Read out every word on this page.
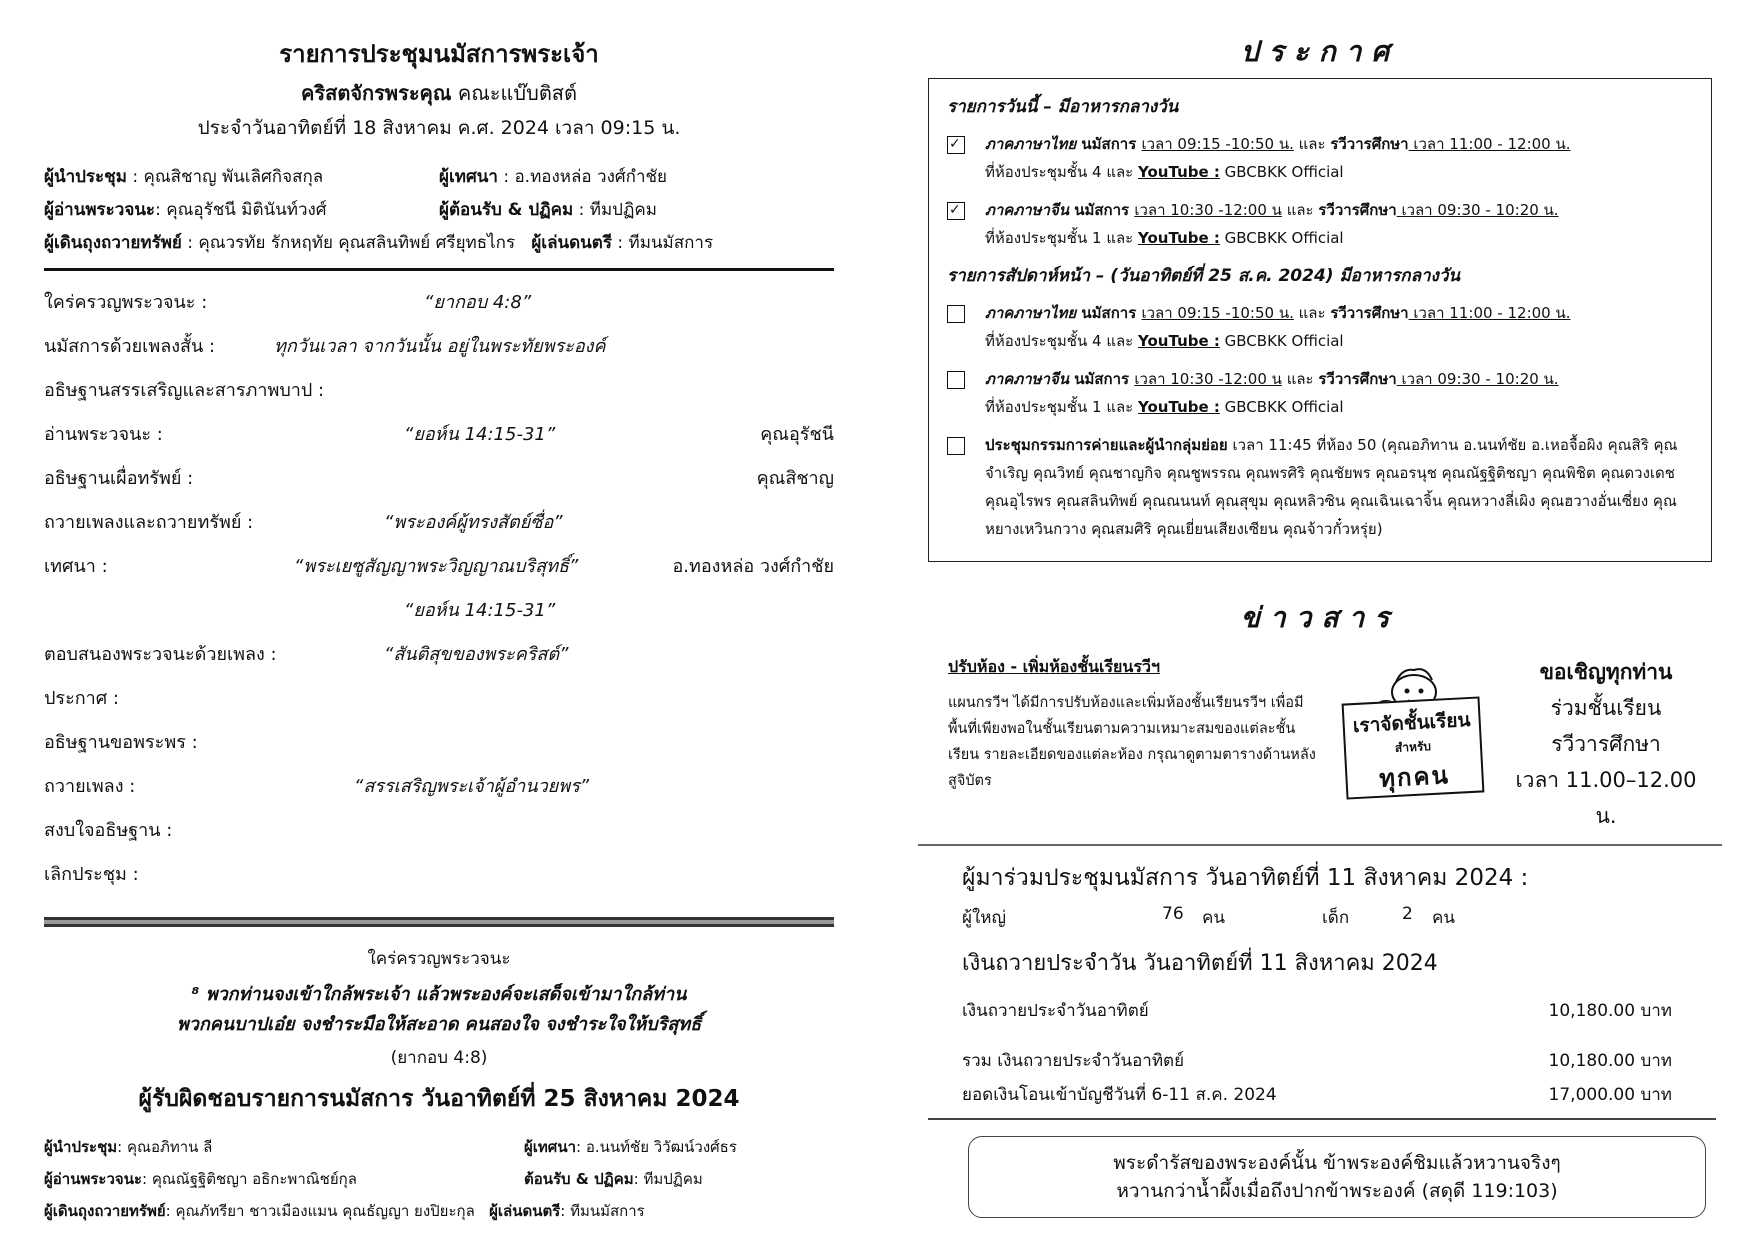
รายการประชุมนมัสการพระเจ้า
คริสตจักรพระคุณ คณะแบ๊บติสต์
ประจำวันอาทิตย์ที่ 18 สิงหาคม ค.ศ. 2024 เวลา 09:15 น.
ผู้นำประชุม : คุณสิชาญ พันเลิศกิจสกุล	ผู้เทศนา : อ.ทองหล่อ วงศ์กำชัย
ผู้อ่านพระวจนะ: คุณอุรัชนี มิตินันท์วงศ์	ผู้ต้อนรับ & ปฏิคม : ทีมปฏิคม
ผู้เดินถุงถวายทรัพย์ : คุณวรทัย รักหฤทัย คุณสลินทิพย์ ศรียุทธไกร ผู้เล่นดนตรี : ทีมนมัสการ
ใคร่ครวญพระวจนะ :	“ยากอบ 4:8”
นมัสการด้วยเพลงสั้น :	ทุกวันเวลา จากวันนั้น อยู่ในพระทัยพระองค์
อธิษฐานสรรเสริญและสารภาพบาป :
อ่านพระวจนะ :	“ยอห์น 14:15-31”	คุณอุรัชนี
อธิษฐานเผื่อทรัพย์ :	คุณสิชาญ
ถวายเพลงและถวายทรัพย์ :	“พระองค์ผู้ทรงสัตย์ซื่อ”
เทศนา :	“พระเยซูสัญญาพระวิญญาณบริสุทธิ์”	อ.ทองหล่อ วงศ์กำชัย
“ยอห์น 14:15-31”
ตอบสนองพระวจนะด้วยเพลง :	“สันติสุขของพระคริสต์”
ประกาศ :
อธิษฐานขอพระพร :
ถวายเพลง :	“สรรเสริญพระเจ้าผู้อำนวยพร”
สงบใจอธิษฐาน :
เลิกประชุม :
ใคร่ครวญพระวจนะ
⁸ พวกท่านจงเข้าใกล้พระเจ้า แล้วพระองค์จะเสด็จเข้ามาใกล้ท่าน
พวกคนบาปเอ๋ย จงชำระมือให้สะอาด คนสองใจ จงชำระใจให้บริสุทธิ์
(ยากอบ 4:8)
ผู้รับผิดชอบรายการนมัสการ วันอาทิตย์ที่ 25 สิงหาคม 2024
ผู้นำประชุม: คุณอภิทาน ลี	ผู้เทศนา: อ.นนท์ชัย วิวัฒน์วงศ์ธร
ผู้อ่านพระวจนะ: คุณณัฐฐิติชญา อธิกะพาณิชย์กุล	ต้อนรับ & ปฏิคม: ทีมปฏิคม
ผู้เดินถุงถวายทรัพย์: คุณภัทรียา ชาวเมืองแมน คุณธัญญา ยงปิยะกุล ผู้เล่นดนตรี: ทีมนมัสการ
ประกาศ
รายการวันนี้ – มีอาหารกลางวัน
✓
ภาคภาษาไทย นมัสการ เวลา 09:15 -10:50 น. และ รวีวารศึกษา เวลา 11:00 - 12:00 น.
ที่ห้องประชุมชั้น 4 และ YouTube : GBCBKK Official
✓
ภาคภาษาจีน นมัสการ เวลา 10:30 -12:00 น และ รวีวารศึกษา เวลา 09:30 - 10:20 น.
ที่ห้องประชุมชั้น 1 และ YouTube : GBCBKK Official
รายการสัปดาห์หน้า – (วันอาทิตย์ที่ 25 ส.ค. 2024) มีอาหารกลางวัน
ภาคภาษาไทย นมัสการ เวลา 09:15 -10:50 น. และ รวีวารศึกษา เวลา 11:00 - 12:00 น.
ที่ห้องประชุมชั้น 4 และ YouTube : GBCBKK Official
ภาคภาษาจีน นมัสการ เวลา 10:30 -12:00 น และ รวีวารศึกษา เวลา 09:30 - 10:20 น.
ที่ห้องประชุมชั้น 1 และ YouTube : GBCBKK Official
ประชุมกรรมการค่ายและผู้นำกลุ่มย่อย เวลา 11:45 ที่ห้อง 50 (คุณอภิทาน อ.นนท์ชัย อ.เหอจื้อผิง คุณสิริ คุณจำเริญ คุณวิทย์ คุณชาญกิจ คุณชูพรรณ คุณพรศิริ คุณชัยพร คุณอรนุช คุณณัฐฐิติชญา คุณพิชิต คุณดวงเดช คุณอุไรพร คุณสลินทิพย์ คุณณนนท์ คุณสุขุม คุณหลิวซิน คุณเฉินเฉาจิ้น คุณหวางลี่เผิง คุณฮวางอั่นเซี่ยง คุณหยางเหวินกวาง คุณสมศิริ คุณเยี่ยนเสียงเซียน คุณจ้าวกั๋วหรุ่ย)
ข่าวสาร
ปรับห้อง - เพิ่มห้องชั้นเรียนรวีฯ
แผนกรวีฯ ได้มีการปรับห้องและเพิ่มห้องชั้นเรียนรวีฯ เพื่อมีพื้นที่เพียงพอในชั้นเรียนตามความเหมาะสมของแต่ละชั้นเรียน รายละเอียดของแต่ละห้อง กรุณาดูตามตารางด้านหลังสูจิบัตร
เราจัดชั้นเรียน
สำหรับ
ทุกคน
ขอเชิญทุกท่าน
ร่วมชั้นเรียน
รวีวารศึกษา
เวลา 11.00–12.00 น.
ผู้มาร่วมประชุมนมัสการ วันอาทิตย์ที่ 11 สิงหาคม 2024 :
ผู้ใหญ่	76	คน	เด็ก	2	คน
เงินถวายประจำวัน วันอาทิตย์ที่ 11 สิงหาคม 2024
เงินถวายประจำวันอาทิตย์	10,180.00 บาท
รวม เงินถวายประจำวันอาทิตย์	10,180.00 บาท
ยอดเงินโอนเข้าบัญชีวันที่ 6-11 ส.ค. 2024	17,000.00 บาท
พระดำรัสของพระองค์นั้น ข้าพระองค์ชิมแล้วหวานจริงๆ
หวานกว่าน้ำผึ้งเมื่อถึงปากข้าพระองค์ (สดุดี 119:103)
